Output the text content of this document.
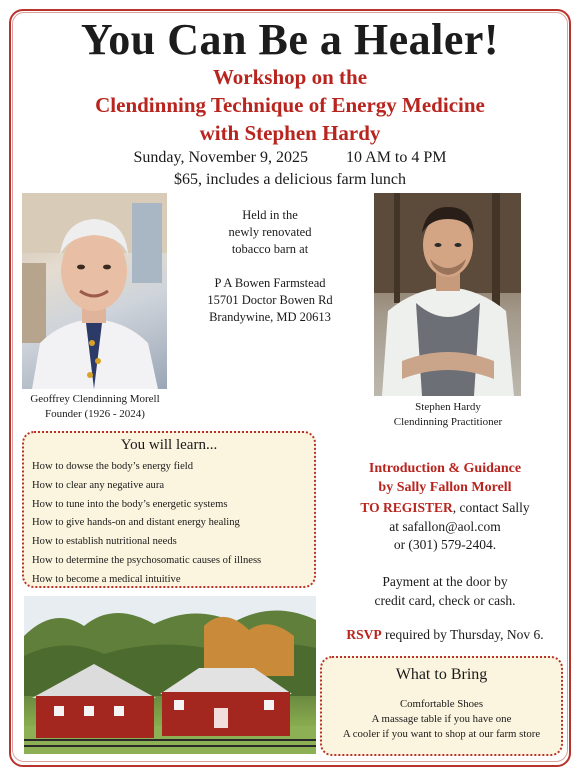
You Can Be a Healer!
Workshop on the
Clendinning Technique of Energy Medicine
with Stephen Hardy
Sunday, November 9, 2025 10 AM to 4 PM
$65, includes a delicious farm lunch
Geoffrey Clendinning Morell
Founder (1926 - 2024)
Held in the
newly renovated
tobacco barn at
P A Bowen Farmstead
15701 Doctor Bowen Rd
Brandywine, MD 20613
Stephen Hardy
Clendinning Practitioner
You will learn...
How to dowse the body’s energy field
How to clear any negative aura
How to tune into the body’s energetic systems
How to give hands-on and distant energy healing
How to establish nutritional needs
How to determine the psychosomatic causes of illness
How to become a medical intuitive
Introduction & Guidance
by Sally Fallon Morell
TO REGISTER, contact Sally
at safallon@aol.com
or (301) 579-2404.
Payment at the door by
credit card, check or cash.
RSVP required by Thursday, Nov 6.
What to Bring
Comfortable Shoes
A massage table if you have one
A cooler if you want to shop at our farm store
